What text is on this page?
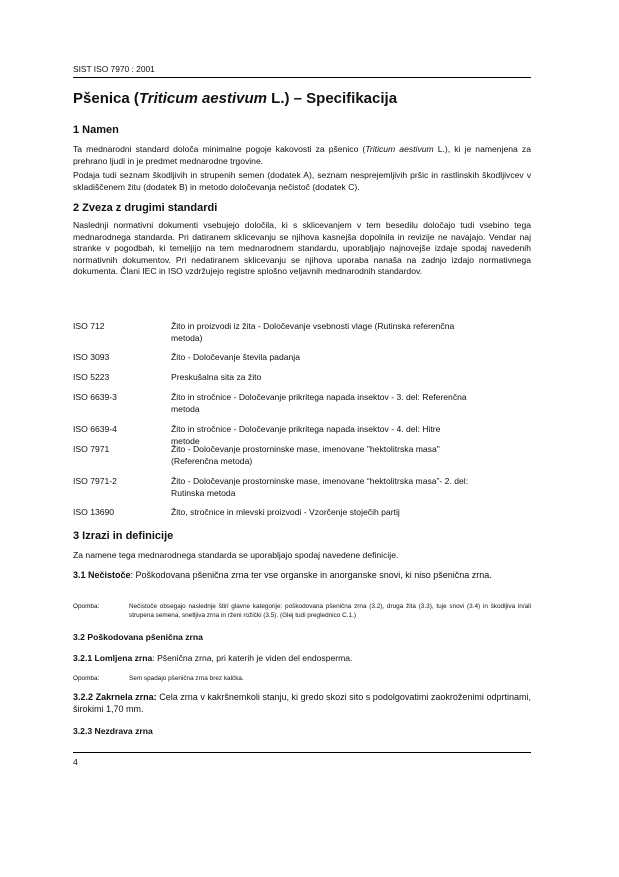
SIST ISO 7970 : 2001
Pšenica (Triticum aestivum L.) – Specifikacija
1 Namen

Ta mednarodni standard določa minimalne pogoje kakovosti za pšenico (Triticum aestivum L.), ki je namenjena za prehrano ljudi in je predmet mednarodne trgovine.

Podaja tudi seznam škodljivih in strupenih semen (dodatek A), seznam nesprejemljivih pršic in rastlinskih škodljivcev v skladiščenem žitu (dodatek B) in metodo določevanja nečistoč (dodatek C).

2 Zveza z drugimi standardi

Naslednji normativni dokumenti vsebujejo določila, ki s sklicevanjem v tem besedilu določajo tudi vsebino tega mednarodnega standarda. Pri datiranem sklicevanju se njihova kasnejša dopolnila in revizije ne navajajo. Vendar naj stranke v pogodbah, ki temeljijo na tem mednarodnem standardu, uporabljajo najnovejše izdaje spodaj navedenih normativnih dokumentov. Pri nedatiranem sklicevanju se njihova uporaba nanaša na zadnjo izdajo normativnega dokumenta. Člani IEC in ISO vzdržujejo registre splošno veljavnih mednarodnih standardov.

ISO 712	Žito in proizvodi iz žita - Določevanje vsebnosti vlage (Rutinska referenčna metoda)
ISO 3093	Žito - Določevanje števila padanja
ISO 5223	Preskušalna sita za žito
ISO 6639-3	Žito in stročnice - Določevanje prikritega napada insektov - 3. del: Referenčna metoda
ISO 6639-4	Žito in stročnice - Določevanje prikritega napada insektov - 4. del: Hitre metode
ISO 7971	Žito - Določevanje prostorninske mase, imenovane "hektolitrska masa" (Referenčna metoda)
ISO 7971-2	Žito - Določevanje prostorninske mase, imenovane “hektolitrska masa”- 2. del: Rutinska metoda
ISO 13690	Žito, stročnice in mlevski proizvodi - Vzorčenje stoječih partij
3 Izrazi in definicije

Za namene tega mednarodnega standarda se uporabljajo spodaj navedene definicije.

3.1 Nečistoče: Poškodovana pšenična zrna ter vse organske in anorganske snovi, ki niso pšenična zrna.

Opomba:	Nečistoče obsegajo naslednje štiri glavne kategorije: poškodovana pšenična zrna (3.2), druga žita (3.3), tuje snovi (3.4) in škodljiva in/ali strupena semena, snetljiva zrna in rženi rožički (3.5). (Glej tudi preglednico C.1.)
3.2 Poškodovana pšenična zrna

3.2.1 Lomljena zrna: Pšenična zrna, pri katerih je viden del endosperma.

Opomba:	Sem spadajo pšenična zrna brez kalčka.

3.2.2 Zakrnela zrna: Cela zrna v kakršnemkoli stanju, ki gredo skozi sito s podolgovatimi zaokroženimi odprtinami, širokimi 1,70 mm.

3.2.3 Nezdrava zrna
4
